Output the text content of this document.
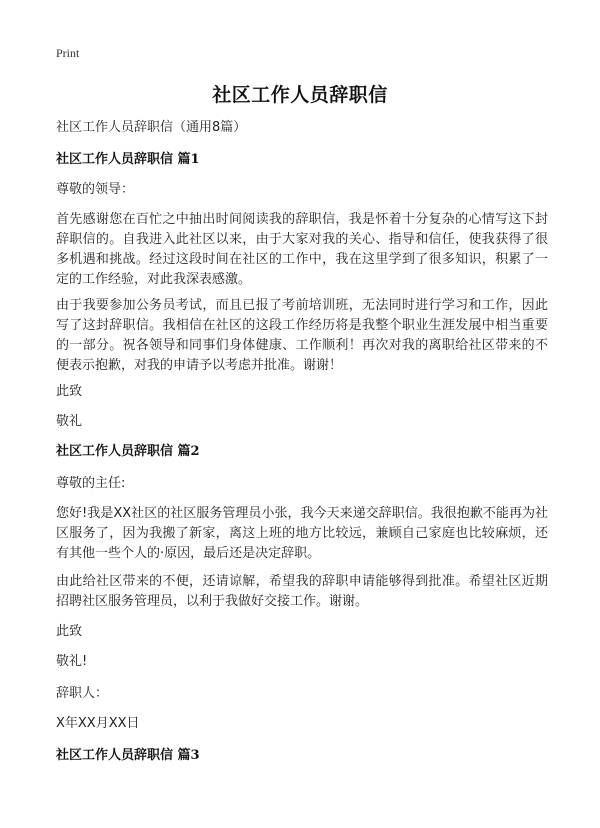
Print
社区工作人员辞职信
社区工作人员辞职信（通用8篇）
社区工作人员辞职信 篇1
尊敬的领导：
首先感谢您在百忙之中抽出时间阅读我的辞职信，我是怀着十分复杂的心情写这下封辞职信的。自我进入此社区以来，由于大家对我的关心、指导和信任，使我获得了很多机遇和挑战。经过这段时间在社区的工作中，我在这里学到了很多知识，积累了一定的工作经验，对此我深表感激。
由于我要参加公务员考试，而且已报了考前培训班，无法同时进行学习和工作，因此写了这封辞职信。我相信在社区的这段工作经历将是我整个职业生涯发展中相当重要的一部分。祝各领导和同事们身体健康、工作顺利！再次对我的离职给社区带来的不便表示抱歉，对我的申请予以考虑并批准。谢谢！
此致
敬礼
社区工作人员辞职信 篇2
尊敬的主任:
您好!我是XX社区的社区服务管理员小张，我今天来递交辞职信。我很抱歉不能再为社区服务了，因为我搬了新家，离这上班的地方比较远，兼顾自己家庭也比较麻烦，还有其他一些个人的·原因，最后还是决定辞职。
由此给社区带来的不便，还请谅解，希望我的辞职申请能够得到批准。希望社区近期招聘社区服务管理员，以利于我做好交接工作。谢谢。
此致
敬礼!
辞职人：
X年XX月XX日
社区工作人员辞职信 篇3
